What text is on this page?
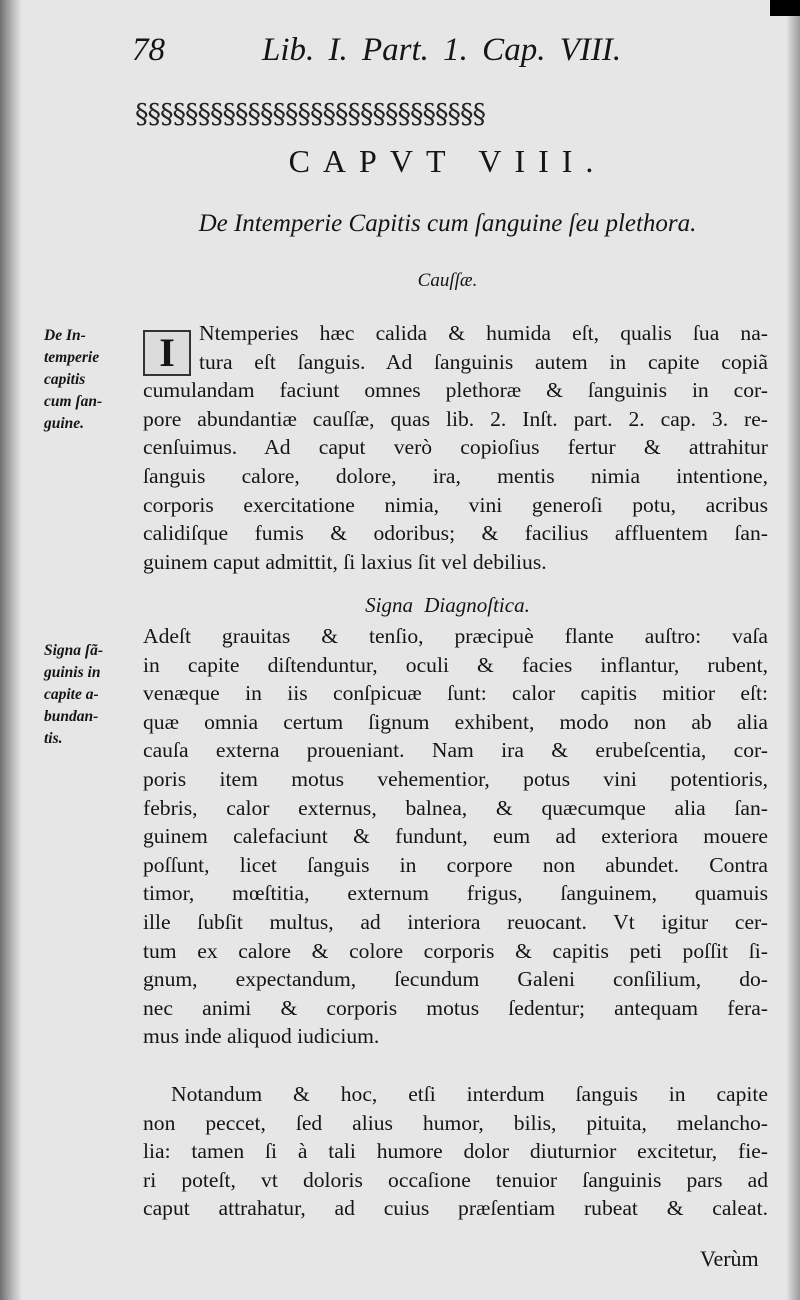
78	Lib. I. Part. 1. Cap. VIII.
§§§§§§§§§§§§§§§§§§§§§§§§§§§§
CAPVT VIII.
De Intemperie Capitis cum ſanguine ſeu plethora.
Cauſſæ.
De In-
temperie
capitis
cum ſan-
guine.
Signa ſã-
guinis in
capite a-
bundan-
tis.
I	Ntemperies hæc calida & humida eſt, qualis ſua na-
tura eſt ſanguis. Ad ſanguinis autem in capite copiã
cumulandam faciunt omnes plethoræ & ſanguinis in cor-
pore abundantiæ cauſſæ, quas lib. 2. Inſt. part. 2. cap. 3. re-
cenſuimus. Ad caput verò copioſius fertur & attrahitur
ſanguis calore, dolore, ira, mentis nimia intentione,
corporis exercitatione nimia, vini generoſi potu, acribus
calidiſque fumis & odoribus; & facilius affluentem ſan-
guinem caput admittit, ſi laxius ſit vel debilius.
Signa Diagnoſtica.
Adeſt grauitas & tenſio, præcipuè flante auſtro: vaſa
in capite diſtenduntur, oculi & facies inflantur, rubent,
venæque in iis conſpicuæ ſunt: calor capitis mitior eſt:
quæ omnia certum ſignum exhibent, modo non ab alia
cauſa externa proueniant. Nam ira & erubeſcentia, cor-
poris item motus vehementior, potus vini potentioris,
febris, calor externus, balnea, & quæcumque alia ſan-
guinem calefaciunt & fundunt, eum ad exteriora mouere
poſſunt, licet ſanguis in corpore non abundet. Contra
timor, mœſtitia, externum frigus, ſanguinem, quamuis
ille ſubſit multus, ad interiora reuocant. Vt igitur cer-
tum ex calore & colore corporis & capitis peti poſſit ſi-
gnum, expectandum, ſecundum Galeni conſilium, do-
nec animi & corporis motus ſedentur; antequam fera-
mus inde aliquod iudicium.
Notandum & hoc, etſi interdum ſanguis in capite
non peccet, ſed alius humor, bilis, pituita, melancho-
lia: tamen ſi à tali humore dolor diuturnior excitetur, fie-
ri poteſt, vt doloris occaſione tenuior ſanguinis pars ad
caput attrahatur, ad cuius præſentiam rubeat & caleat.
Verùm
